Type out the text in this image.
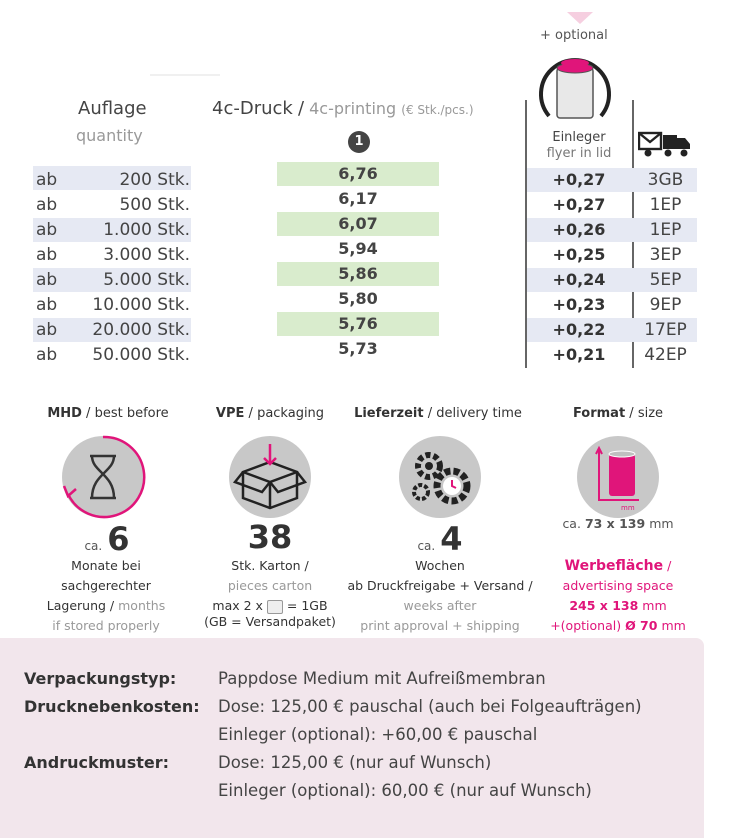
+ optional
Auflage
quantity
4c-Druck / 4c-printing (€ Stk./pcs.)
1	Einleger
flyer in lid
ab	200 Stk.	6,76	+0,27	3GB
ab	500 Stk.	6,17	+0,27	1EP
ab	1.000 Stk.	6,07	+0,26	1EP
ab	3.000 Stk.	5,94	+0,25	3EP
ab	5.000 Stk.	5,86	+0,24	5EP
ab	10.000 Stk.	5,80	+0,23	9EP
ab	20.000 Stk.	5,76	+0,22	17EP
ab	50.000 Stk.	5,73	+0,21	42EP
MHD / best before
ca. 6
Monate bei
sachgerechter
Lagerung / months
if stored properly
VPE / packaging
38
Stk. Karton /
pieces carton
max 2 x = 1GB
(GB = Versandpaket)
Lieferzeit / delivery time
ca. 4
Wochen
ab Druckfreigabe + Versand /
weeks after
print approval + shipping
Format / size
mm
ca. 73 x 139 mm
Werbefläche /
advertising space
245 x 138 mm
+(optional) Ø 70 mm
Verpackungstyp:	Pappdose Medium mit Aufreißmembran
Drucknebenkosten: Dose: 125,00 € pauschal (auch bei Folgeaufträgen)
Einleger (optional): +60,00 € pauschal
Andruckmuster:	Dose: 125,00 € (nur auf Wunsch)
Einleger (optional): 60,00 € (nur auf Wunsch)
